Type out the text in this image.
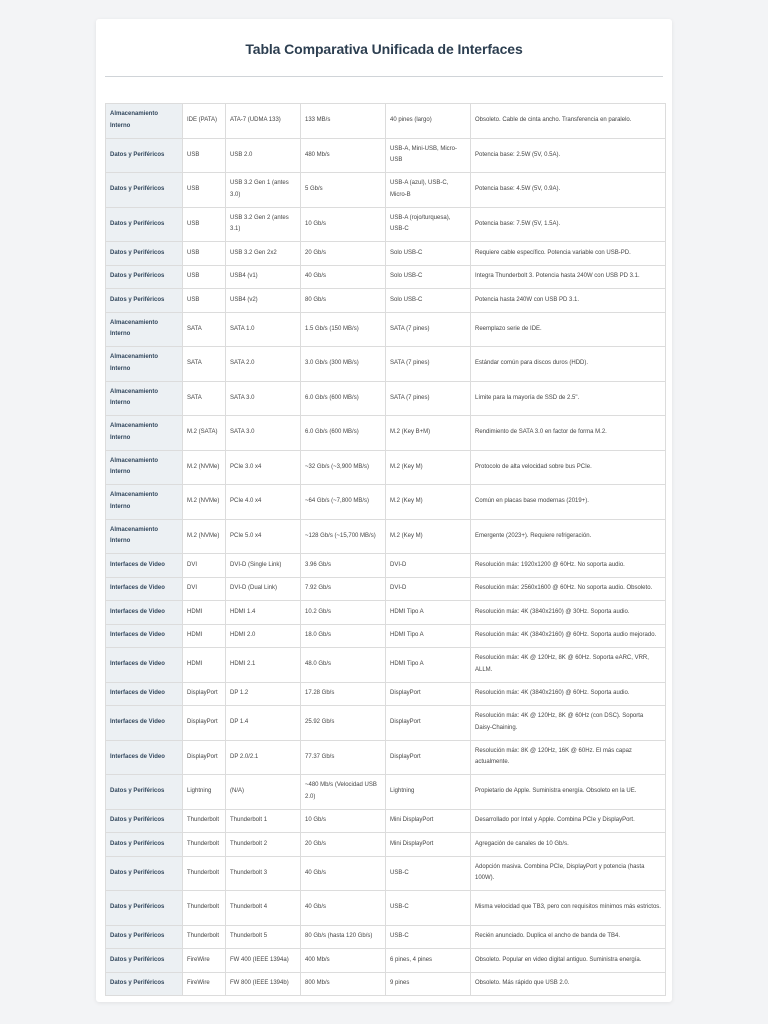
Tabla Comparativa Unificada de Interfaces
Almacenamiento Interno	IDE (PATA)	ATA-7 (UDMA 133)	133 MB/s	40 pines (largo)	Obsoleto. Cable de cinta ancho. Transferencia en paralelo.
Datos y Periféricos	USB	USB 2.0	480 Mb/s	USB-A, Mini-USB, Micro-USB	Potencia base: 2.5W (5V, 0.5A).
Datos y Periféricos	USB	USB 3.2 Gen 1 (antes 3.0)	5 Gb/s	USB-A (azul), USB-C, Micro-B	Potencia base: 4.5W (5V, 0.9A).
Datos y Periféricos	USB	USB 3.2 Gen 2 (antes 3.1)	10 Gb/s	USB-A (rojo/turquesa), USB-C	Potencia base: 7.5W (5V, 1.5A).
Datos y Periféricos	USB	USB 3.2 Gen 2x2	20 Gb/s	Solo USB-C	Requiere cable específico. Potencia variable con USB-PD.
Datos y Periféricos	USB	USB4 (v1)	40 Gb/s	Solo USB-C	Integra Thunderbolt 3. Potencia hasta 240W con USB PD 3.1.
Datos y Periféricos	USB	USB4 (v2)	80 Gb/s	Solo USB-C	Potencia hasta 240W con USB PD 3.1.
Almacenamiento Interno	SATA	SATA 1.0	1.5 Gb/s (150 MB/s)	SATA (7 pines)	Reemplazo serie de IDE.
Almacenamiento Interno	SATA	SATA 2.0	3.0 Gb/s (300 MB/s)	SATA (7 pines)	Estándar común para discos duros (HDD).
Almacenamiento Interno	SATA	SATA 3.0	6.0 Gb/s (600 MB/s)	SATA (7 pines)	Límite para la mayoría de SSD de 2.5".
Almacenamiento Interno	M.2 (SATA)	SATA 3.0	6.0 Gb/s (600 MB/s)	M.2 (Key B+M)	Rendimiento de SATA 3.0 en factor de forma M.2.
Almacenamiento Interno	M.2 (NVMe)	PCIe 3.0 x4	~32 Gb/s (~3,900 MB/s)	M.2 (Key M)	Protocolo de alta velocidad sobre bus PCIe.
Almacenamiento Interno	M.2 (NVMe)	PCIe 4.0 x4	~64 Gb/s (~7,800 MB/s)	M.2 (Key M)	Común en placas base modernas (2019+).
Almacenamiento Interno	M.2 (NVMe)	PCIe 5.0 x4	~128 Gb/s (~15,700 MB/s)	M.2 (Key M)	Emergente (2023+). Requiere refrigeración.
Interfaces de Video	DVI	DVI-D (Single Link)	3.96 Gb/s	DVI-D	Resolución máx: 1920x1200 @ 60Hz. No soporta audio.
Interfaces de Video	DVI	DVI-D (Dual Link)	7.92 Gb/s	DVI-D	Resolución máx: 2560x1600 @ 60Hz. No soporta audio. Obsoleto.
Interfaces de Video	HDMI	HDMI 1.4	10.2 Gb/s	HDMI Tipo A	Resolución máx: 4K (3840x2160) @ 30Hz. Soporta audio.
Interfaces de Video	HDMI	HDMI 2.0	18.0 Gb/s	HDMI Tipo A	Resolución máx: 4K (3840x2160) @ 60Hz. Soporta audio mejorado.
Interfaces de Video	HDMI	HDMI 2.1	48.0 Gb/s	HDMI Tipo A	Resolución máx: 4K @ 120Hz, 8K @ 60Hz. Soporta eARC, VRR, ALLM.
Interfaces de Video	DisplayPort	DP 1.2	17.28 Gb/s	DisplayPort	Resolución máx: 4K (3840x2160) @ 60Hz. Soporta audio.
Interfaces de Video	DisplayPort	DP 1.4	25.92 Gb/s	DisplayPort	Resolución máx: 4K @ 120Hz, 8K @ 60Hz (con DSC). Soporta Daisy-Chaining.
Interfaces de Video	DisplayPort	DP 2.0/2.1	77.37 Gb/s	DisplayPort	Resolución máx: 8K @ 120Hz, 16K @ 60Hz. El más capaz actualmente.
Datos y Periféricos	Lightning	(N/A)	~480 Mb/s (Velocidad USB 2.0)	Lightning	Propietario de Apple. Suministra energía. Obsoleto en la UE.
Datos y Periféricos	Thunderbolt	Thunderbolt 1	10 Gb/s	Mini DisplayPort	Desarrollado por Intel y Apple. Combina PCIe y DisplayPort.
Datos y Periféricos	Thunderbolt	Thunderbolt 2	20 Gb/s	Mini DisplayPort	Agregación de canales de 10 Gb/s.
Datos y Periféricos	Thunderbolt	Thunderbolt 3	40 Gb/s	USB-C	Adopción masiva. Combina PCIe, DisplayPort y potencia (hasta 100W).
Datos y Periféricos	Thunderbolt	Thunderbolt 4	40 Gb/s	USB-C	Misma velocidad que TB3, pero con requisitos mínimos más estrictos.
Datos y Periféricos	Thunderbolt	Thunderbolt 5	80 Gb/s (hasta 120 Gb/s)	USB-C	Recién anunciado. Duplica el ancho de banda de TB4.
Datos y Periféricos	FireWire	FW 400 (IEEE 1394a)	400 Mb/s	6 pines, 4 pines	Obsoleto. Popular en video digital antiguo. Suministra energía.
Datos y Periféricos	FireWire	FW 800 (IEEE 1394b)	800 Mb/s	9 pines	Obsoleto. Más rápido que USB 2.0.
